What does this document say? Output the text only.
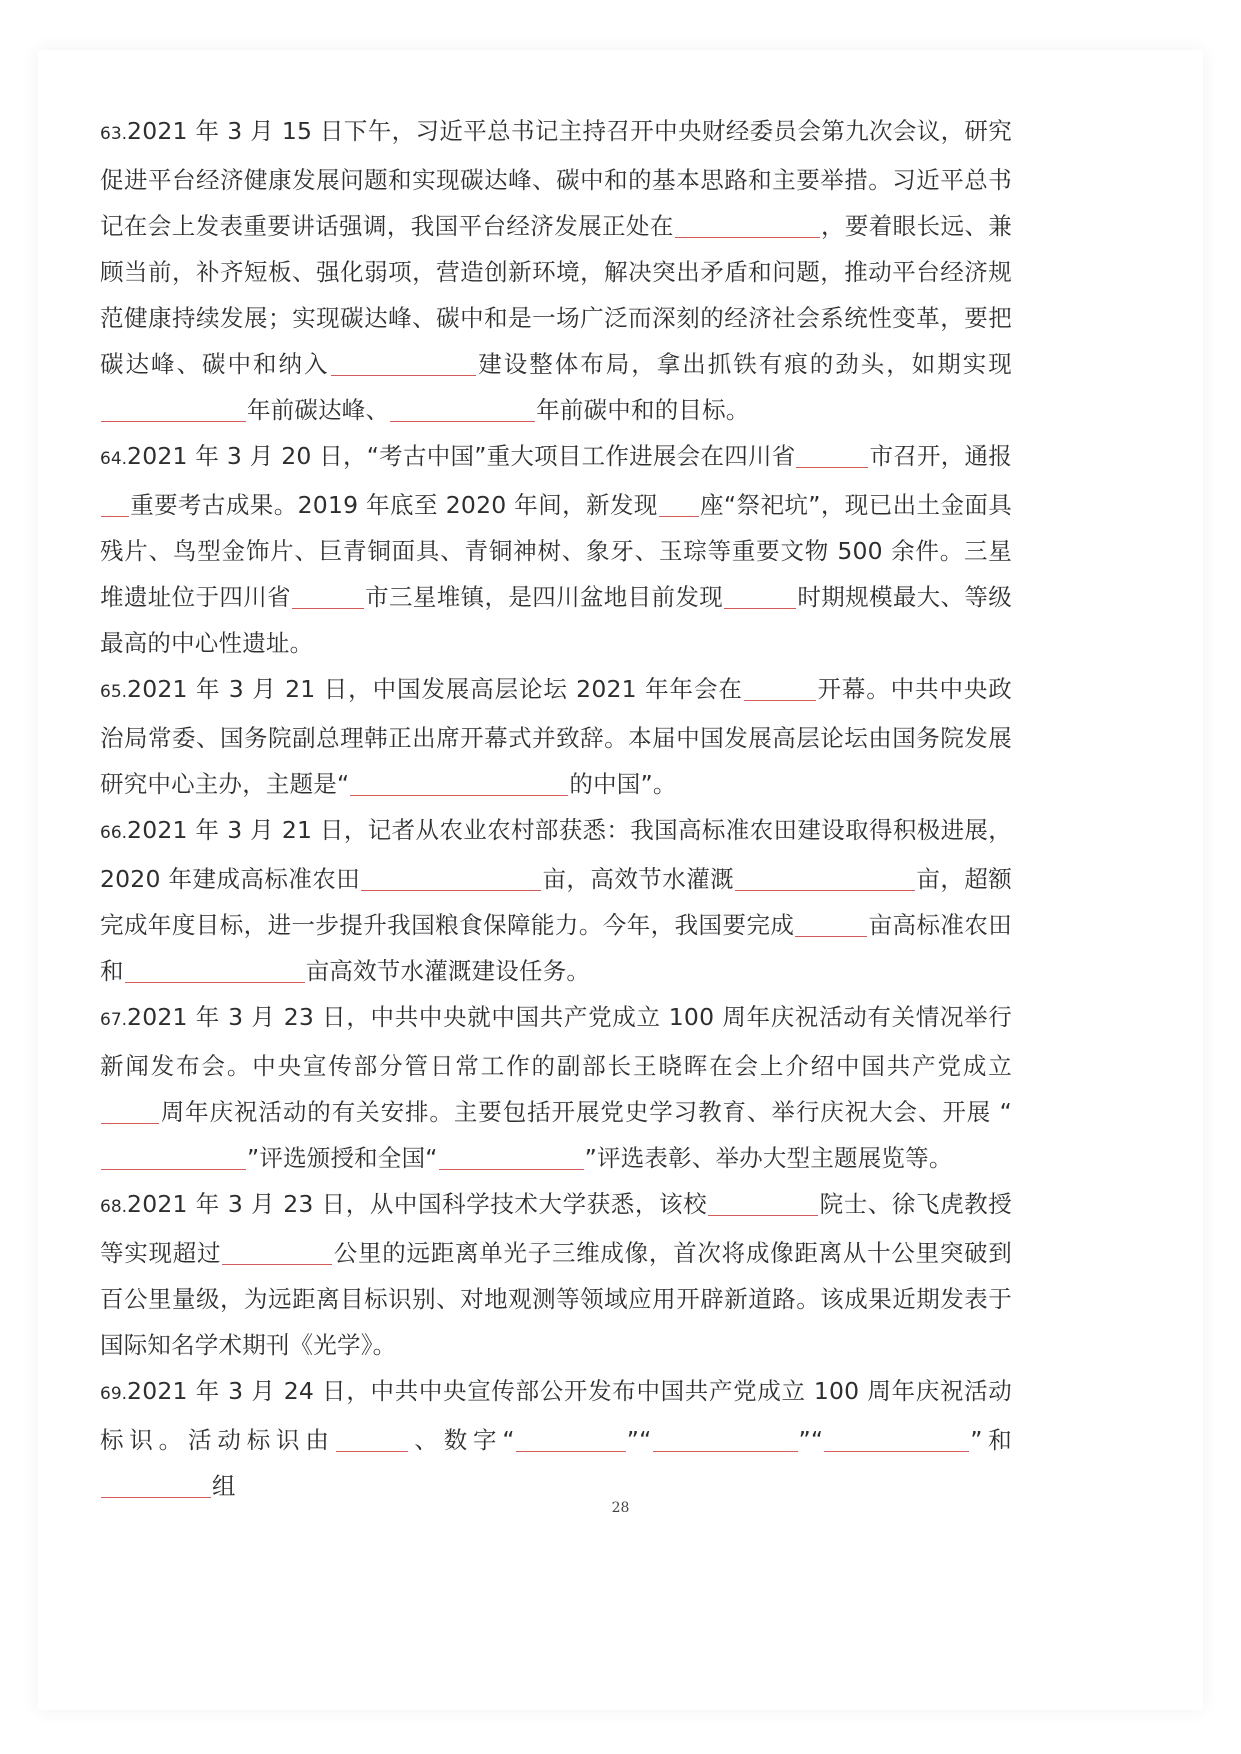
63.2021 年 3 月 15 日下午，习近平总书记主持召开中央财经委员会第九次会议，研究促进平台经济健康发展问题和实现碳达峰、碳中和的基本思路和主要举措。习近平总书记在会上发表重要讲话强调，我国平台经济发展正处在	，要着眼长远、兼顾当前，补齐短板、强化弱项，营造创新环境，解决突出矛盾和问题，推动平台经济规范健康持续发展；实现碳达峰、碳中和是一场广泛而深刻的经济社会系统性变革，要把碳达峰、碳中和纳入	建设整体布局，拿出抓铁有痕的劲头，如期实现年前碳达峰、	年前碳中和的目标。

64.2021 年 3 月 20 日，“考古中国”重大项目工作进展会在四川省	市召开，通报重要考古成果。2019 年底至 2020 年间，新发现 座“祭祀坑”，现已出土金面具残片、鸟型金饰片、巨青铜面具、青铜神树、象牙、玉琮等重要文物 500 余件。三星堆遗址位于四川省	市三星堆镇，是四川盆地目前发现	时期规模最大、等级最高的中心性遗址。

65.2021 年 3 月 21 日，中国发展高层论坛 2021 年年会在	开幕。中共中央政治局常委、国务院副总理韩正出席开幕式并致辞。本届中国发展高层论坛由国务院发展研究中心主办，主题是“	的中国”。

66.2021 年 3 月 21 日，记者从农业农村部获悉：我国高标准农田建设取得积极进展，2020 年建成高标准农田	亩，高效节水灌溉	亩，超额完成年度目标，进一步提升我国粮食保障能力。今年，我国要完成	亩高标准农田和	亩高效节水灌溉建设任务。

67.2021 年 3 月 23 日，中共中央就中国共产党成立 100 周年庆祝活动有关情况举行新闻发布会。中央宣传部分管日常工作的副部长王晓晖在会上介绍中国共产党成立周年庆祝活动的有关安排。主要包括开展党史学习教育、举行庆祝大会、开展 “”评选颁授和全国“	”评选表彰、举办大型主题展览等。

68.2021 年 3 月 23 日，从中国科学技术大学获悉，该校	院士、徐飞虎教授等实现超过	公里的远距离单光子三维成像，首次将成像距离从十公里突破到百公里量级，为远距离目标识别、对地观测等领域应用开辟新道路。该成果近期发表于国际知名学术期刊《光学》。

69.2021 年 3 月 24 日，中共中央宣传部公开发布中国共产党成立 100 周年庆祝活动标识。活动标识由	、数字“	”“	”“	”和组

28
